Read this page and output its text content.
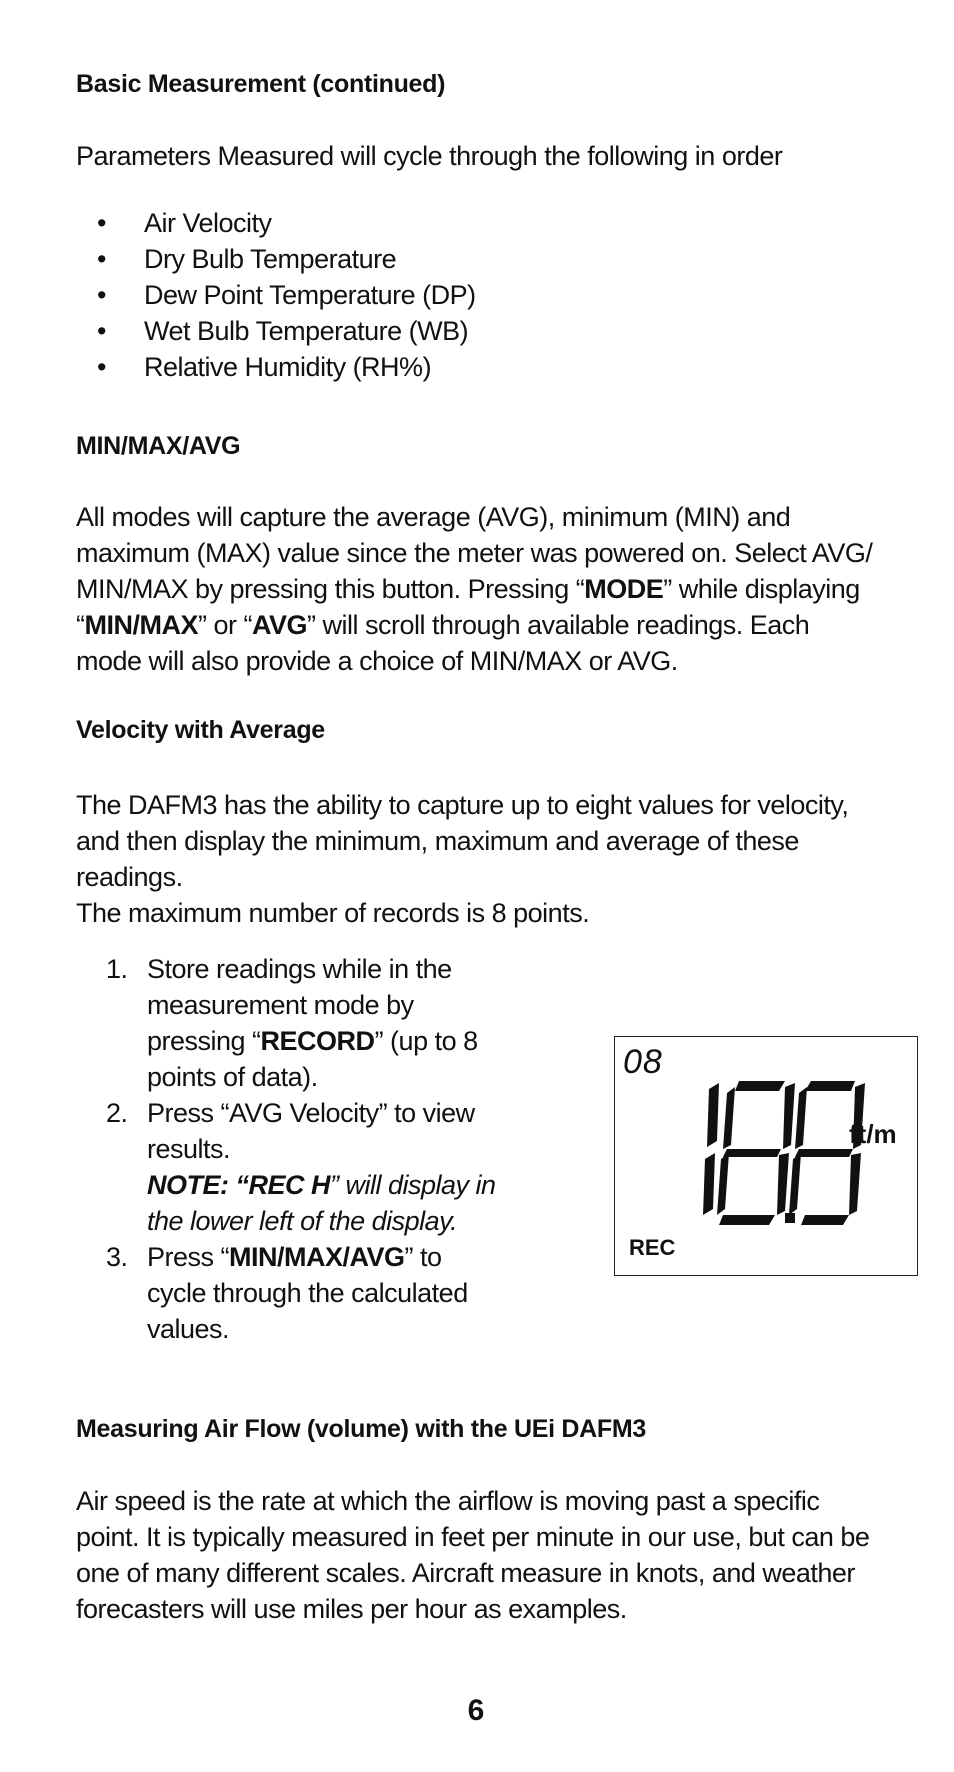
Basic Measurement (continued)
Parameters Measured will cycle through the following in order
• Air Velocity
• Dry Bulb Temperature
• Dew Point Temperature (DP)
• Wet Bulb Temperature (WB)
• Relative Humidity (RH%)
MIN/MAX/AVG
All modes will capture the average (AVG), minimum (MIN) and maximum (MAX) value since the meter was powered on. Select AVG/ MIN/MAX by pressing this button. Pressing “MODE” while displaying “MIN/MAX” or “AVG” will scroll through available readings. Each mode will also provide a choice of MIN/MAX or AVG.
Velocity with Average
The DAFM3 has the ability to capture up to eight values for velocity, and then display the minimum, maximum and average of these readings.
The maximum number of records is 8 points.
1. Store readings while in the measurement mode by pressing “RECORD” (up to 8 points of data).
2. Press “AVG Velocity” to view results.
NOTE: “REC H” will display in the lower left of the display.
3. Press “MIN/MAX/AVG” to cycle through the calculated values.
08
ft/m
REC
Measuring Air Flow (volume) with the UEi DAFM3
Air speed is the rate at which the airflow is moving past a specific point. It is typically measured in feet per minute in our use, but can be one of many different scales. Aircraft measure in knots, and weather forecasters will use miles per hour as examples.
6
